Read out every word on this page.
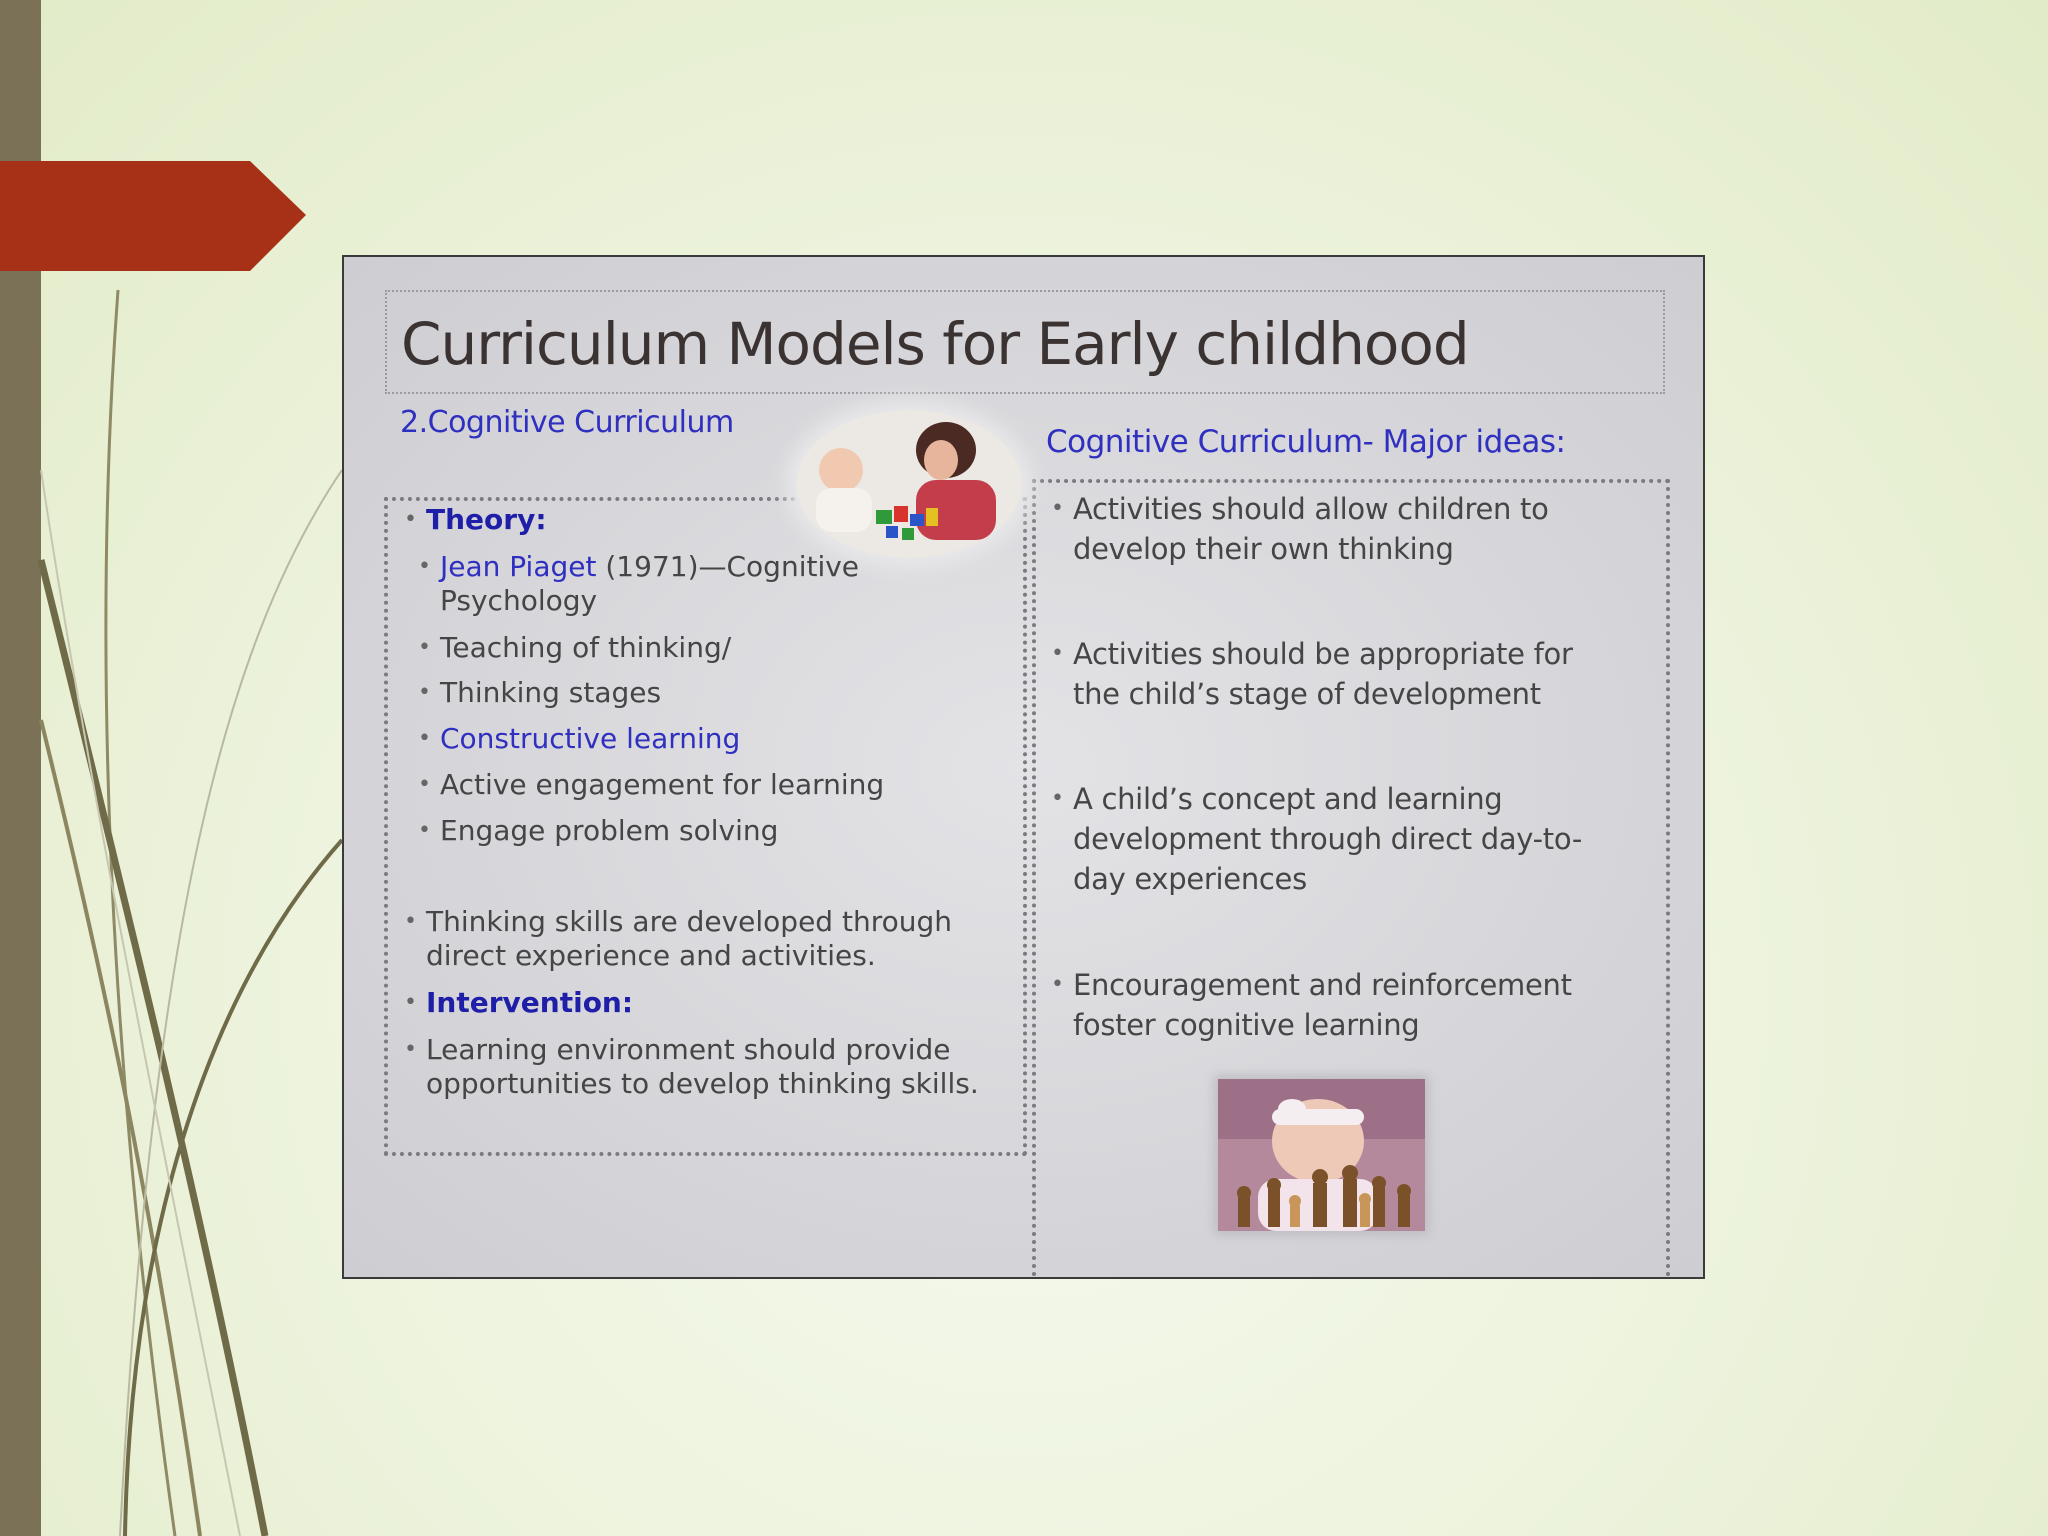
Curriculum Models for Early childhood
2.Cognitive Curriculum
Cognitive Curriculum- Major ideas:
• Theory:
• Jean Piaget (1971)—Cognitive
Psychology
• Teaching of thinking/
• Thinking stages
• Constructive learning
• Active engagement for learning
• Engage problem solving
• Thinking skills are developed through
direct experience and activities.
• Intervention:
• Learning environment should provide
opportunities to develop thinking skills.
• Activities should allow children to
develop their own thinking
• Activities should be appropriate for
the child’s stage of development
• A child’s concept and learning
development through direct day-to-
day experiences
• Encouragement and reinforcement
foster cognitive learning
